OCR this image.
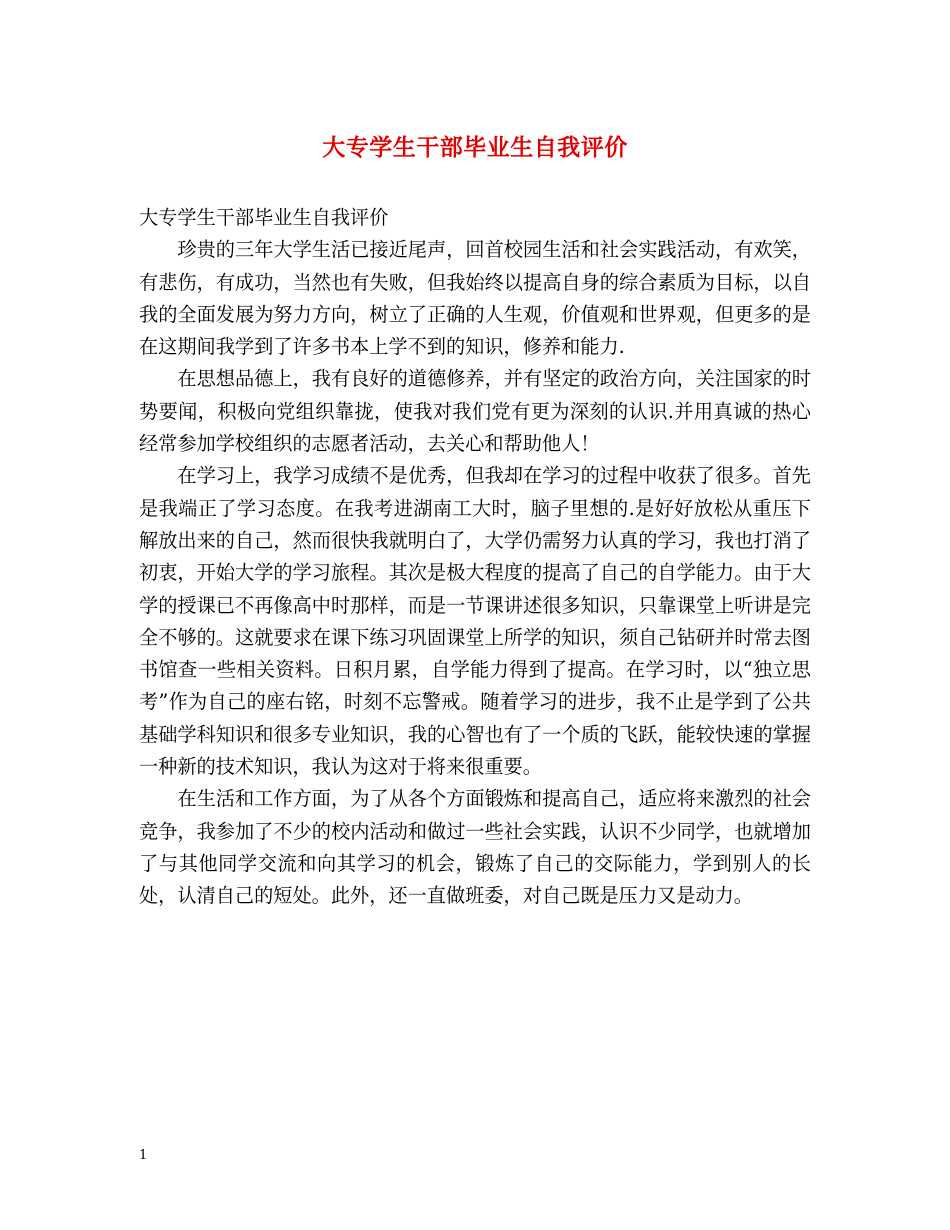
大专学生干部毕业生自我评价

大专学生干部毕业生自我评价

珍贵的三年大学生活已接近尾声，回首校园生活和社会实践活动，有欢笑，有悲伤，有成功，当然也有失败，但我始终以提高自身的综合素质为目标，以自我的全面发展为努力方向，树立了正确的人生观，价值观和世界观，但更多的是在这期间我学到了许多书本上学不到的知识，修养和能力.

在思想品德上，我有良好的道德修养，并有坚定的政治方向，关注国家的时势要闻，积极向党组织靠拢，使我对我们党有更为深刻的认识.并用真诚的热心经常参加学校组织的志愿者活动，去关心和帮助他人！

在学习上，我学习成绩不是优秀，但我却在学习的过程中收获了很多。首先是我端正了学习态度。在我考进湖南工大时，脑子里想的.是好好放松从重压下解放出来的自己，然而很快我就明白了，大学仍需努力认真的学习，我也打消了初衷，开始大学的学习旅程。其次是极大程度的提高了自己的自学能力。由于大学的授课已不再像高中时那样，而是一节课讲述很多知识，只靠课堂上听讲是完全不够的。这就要求在课下练习巩固课堂上所学的知识，须自己钻研并时常去图书馆查一些相关资料。日积月累，自学能力得到了提高。在学习时，以“独立思考”作为自己的座右铭，时刻不忘警戒。随着学习的进步，我不止是学到了公共基础学科知识和很多专业知识，我的心智也有了一个质的飞跃，能较快速的掌握一种新的技术知识，我认为这对于将来很重要。

在生活和工作方面，为了从各个方面锻炼和提高自己，适应将来激烈的社会竞争，我参加了不少的校内活动和做过一些社会实践，认识不少同学，也就增加了与其他同学交流和向其学习的机会，锻炼了自己的交际能力，学到别人的长处，认清自己的短处。此外，还一直做班委，对自己既是压力又是动力。

1
